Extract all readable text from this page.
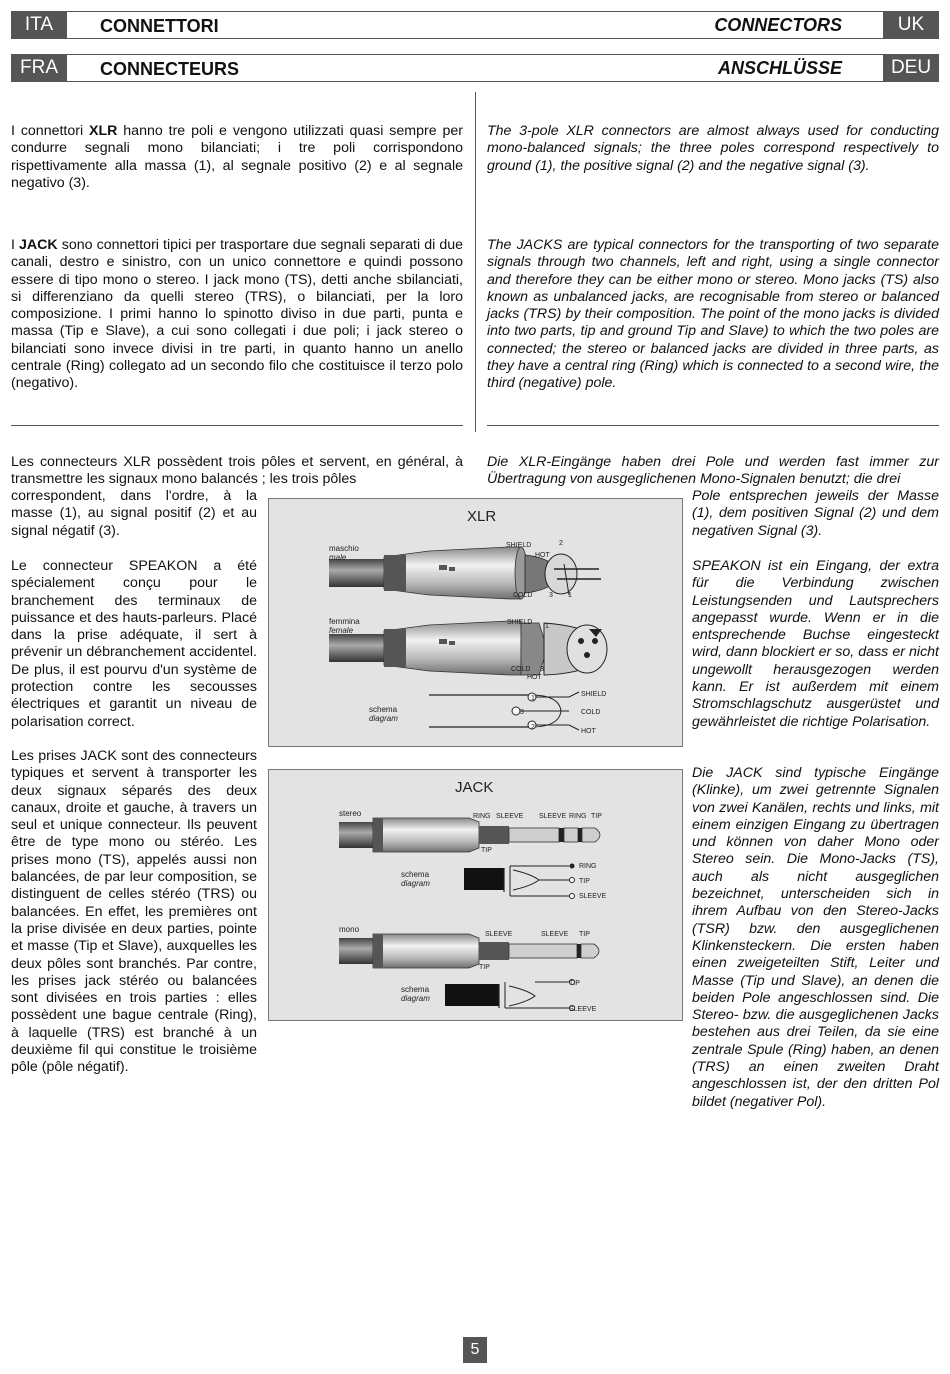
ITA	CONNETTORI	CONNECTORS	UK
FRA	CONNECTEURS	ANSCHLÜSSE	DEU

I connettori XLR hanno tre poli e vengono utilizzati quasi sempre per condurre segnali mono bilanciati; i tre poli corrispondono rispettivamente alla massa (1), al segnale positivo (2) e al segnale negativo (3).

I JACK sono connettori tipici per trasportare due segnali separati di due canali, destro e sinistro, con un unico connettore e quindi possono essere di tipo mono o stereo. I jack mono (TS), detti anche sbilanciati, si differenziano da quelli stereo (TRS), o bilanciati, per la loro composizione. I primi hanno lo spinotto diviso in due parti, punta e massa (Tip e Slave), a cui sono collegati i due poli; i jack stereo o bilanciati sono invece divisi in tre parti, in quanto hanno un anello centrale (Ring) collegato ad un secondo filo che costituisce il terzo polo (negativo).

The 3-pole XLR connectors are almost always used for conducting mono-balanced signals; the three poles correspond respectively to ground (1), the positive signal (2) and the negative signal (3).

The JACKS are typical connectors for the transporting of two separate signals through two channels, left and right, using a single connector and therefore they can be either mono or stereo. Mono jacks (TS) also known as unbalanced jacks, are recognisable from stereo or balanced jacks (TRS) by their composition. The point of the mono jacks is divided into two parts, tip and ground Tip and Slave) to which the two poles are connected; the stereo or balanced jacks are divided in three parts, as they have a central ring (Ring) which is connected to a second wire, the third (negative) pole.

Les connecteurs XLR possèdent trois pôles et servent, en général, à transmettre les signaux mono balancés ; les trois pôles

correspondent, dans l'ordre, à la masse (1), au signal positif (2) et au signal négatif (3).

Le connecteur SPEAKON a été spécialement conçu pour le branchement des terminaux de puissance et des hauts-parleurs. Placé dans la prise adéquate, il sert à prévenir un débranchement accidentel. De plus, il est pourvu d'un système de protection contre les secousses électriques et garantit un niveau de polarisation correct.

Les prises JACK sont des connecteurs typiques et servent à transporter les deux signaux séparés des deux canaux, droite et gauche, à travers un seul et unique connecteur. Ils peuvent être de type mono ou stéréo. Les prises mono (TS), appelés aussi non balancées, de par leur composition, se distinguent de celles stéréo (TRS) ou balancées. En effet, les premières ont la prise divisée en deux parties, pointe et masse (Tip et Slave), auxquelles les deux pôles sont branchés. Par contre, les prises jack stéréo ou balancées sont divisées en trois parties : elles possèdent une bague centrale (Ring), à laquelle (TRS) est branché à un deuxième fil qui constitue le troisième pôle (pôle négatif).

Die XLR-Eingänge haben drei Pole und werden fast immer zur Übertragung von ausgeglichenen Mono-Signalen benutzt; die drei

Pole entsprechen jeweils der Masse (1), dem positiven Signal (2) und dem negativen Signal (3).

SPEAKON ist ein Eingang, der extra für die Verbindung zwischen Leistungsenden und Lautsprechers angepasst wurde. Wenn er in die entsprechende Buchse eingesteckt wird, dann blockiert er so, dass er nicht ungewollt herausgezogen werden kann. Er ist außerdem mit einem Stromschlagschutz ausgerüstet und gewährleistet die richtige Polarisation.

Die JACK sind typische Eingänge (Klinke), um zwei getrennte Signalen von zwei Kanälen, rechts und links, mit einem einzigen Eingang zu übertragen und können von daher Mono oder Stereo sein. Die Mono-Jacks (TS), auch als nicht ausgeglichen bezeichnet, unterscheiden sich in ihrem Aufbau von den Stereo-Jacks (TSR) bzw. den ausgeglichenen Klinkensteckern. Die ersten haben einen zweigeteilten Stift, Leiter und Masse (Tip und Slave), an denen die beiden Pole angeschlossen sind. Die Stereo- bzw. die ausgeglichenen Jacks bestehen aus drei Teilen, da sie eine zentrale Spule (Ring) haben, an denen (TRS) an einen zweiten Draht angeschlossen ist, der den dritten Pol bildet (negativer Pol).

XLR
maschio
male
SHIELD
HOT
COLD
2
3 1
femmina
female
SHIELD
1
COLD 3
HOT
schema
diagram
1
3
2
SHIELD
COLD
HOT
JACK
stereo	RING SLEEVE
TIP
SLEEVE RING TIP
schema
diagram
RING
TIP
SLEEVE
mono
SLEEVE
TIP
SLEEVE TIP
schema
diagram
TIP
SLEEVE
5
